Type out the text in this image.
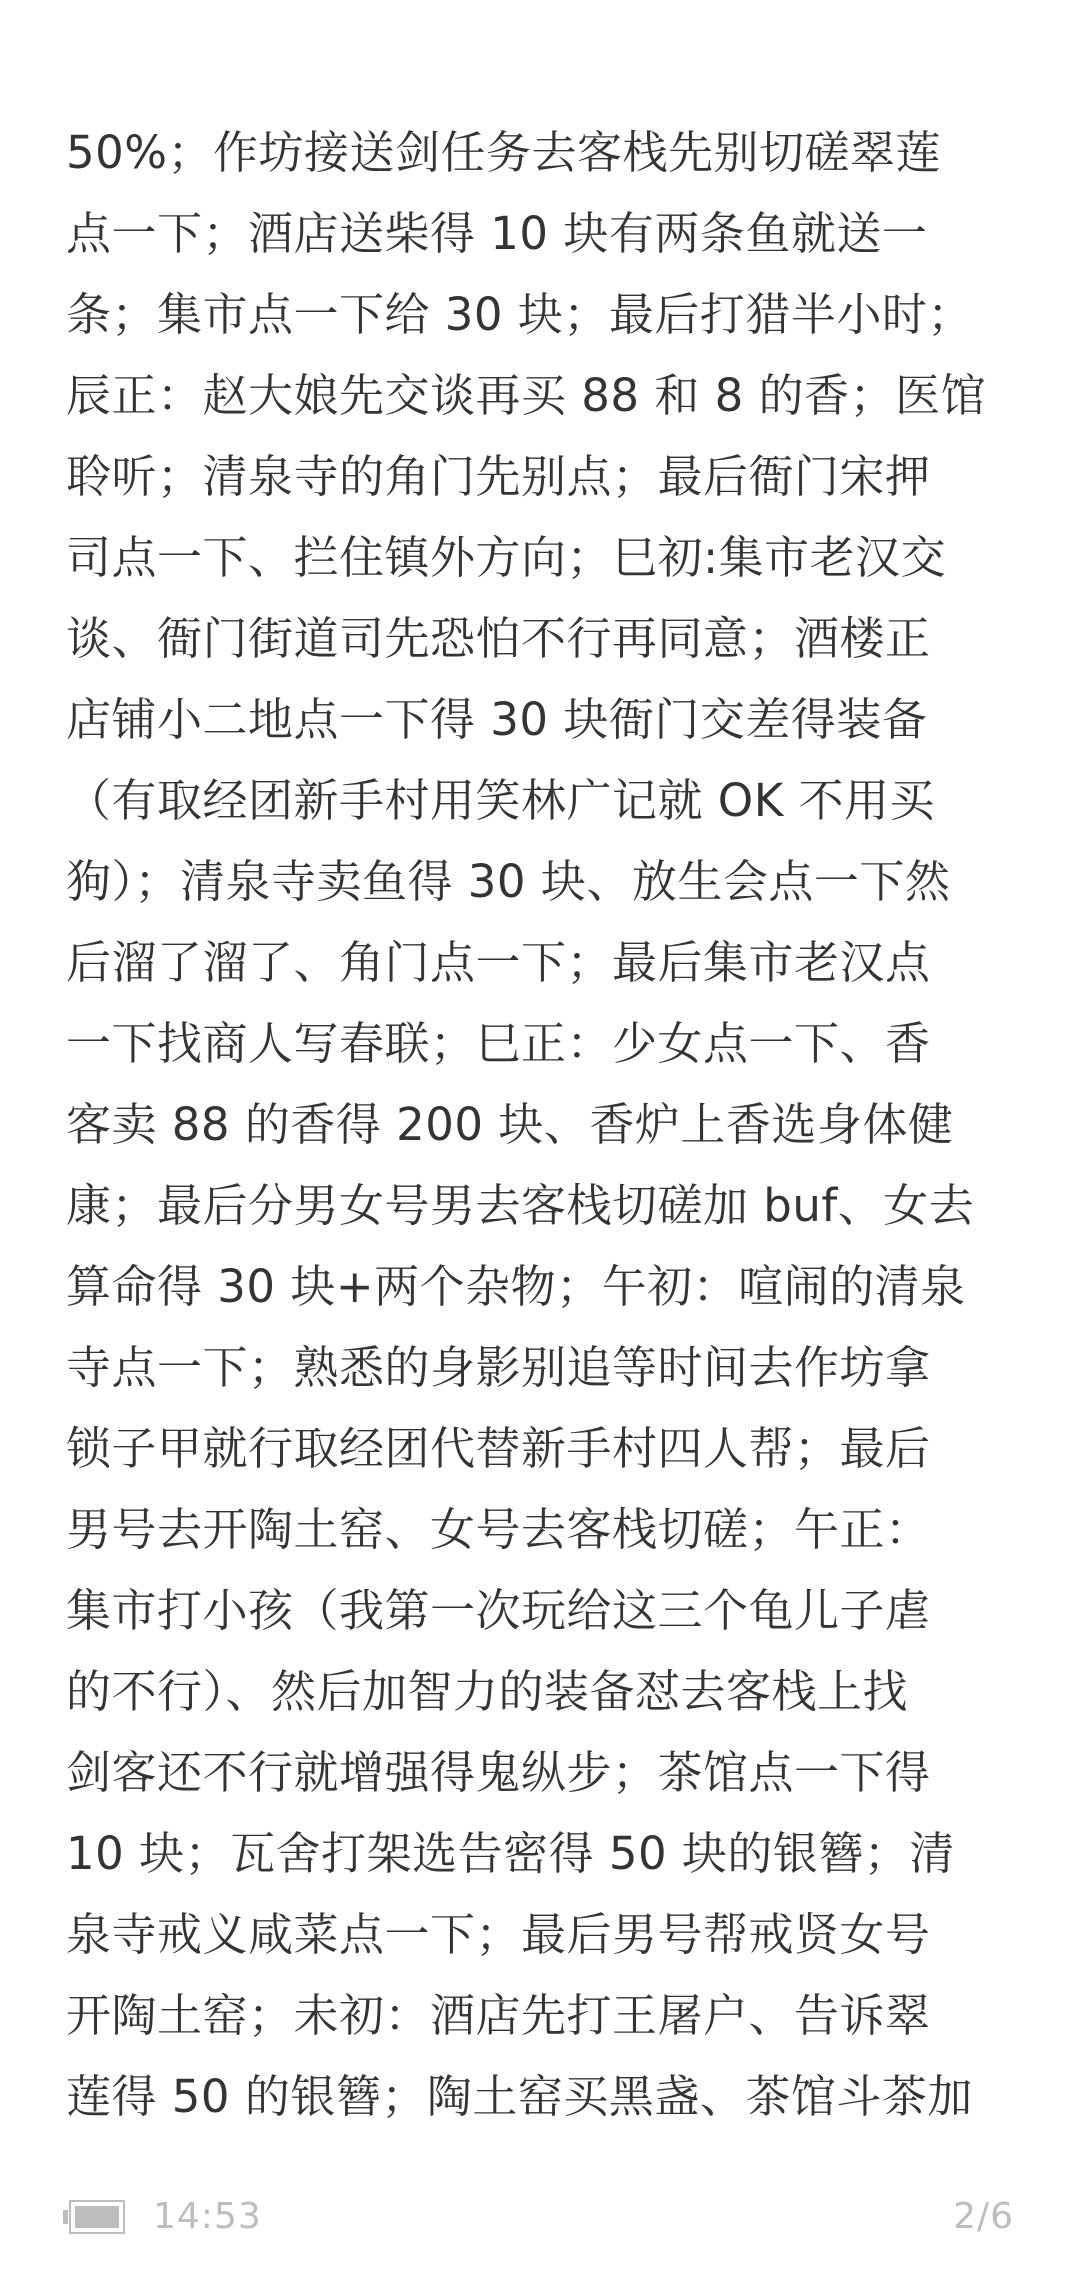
50%；作坊接送剑任务去客栈先别切磋翠莲
点一下；酒店送柴得 10 块有两条鱼就送一
条；集市点一下给 30 块；最后打猎半小时；
辰正：赵大娘先交谈再买 88 和 8 的香；医馆
聆听；清泉寺的角门先别点；最后衙门宋押
司点一下、拦住镇外方向；巳初:集市老汉交
谈、衙门街道司先恐怕不行再同意；酒楼正
店铺小二地点一下得 30 块衙门交差得装备
（有取经团新手村用笑林广记就 OK 不用买
狗）；清泉寺卖鱼得 30 块、放生会点一下然
后溜了溜了、角门点一下；最后集市老汉点
一下找商人写春联；巳正：少女点一下、香
客卖 88 的香得 200 块、香炉上香选身体健
康；最后分男女号男去客栈切磋加 buf、女去
算命得 30 块+两个杂物；午初：喧闹的清泉
寺点一下；熟悉的身影别追等时间去作坊拿
锁子甲就行取经团代替新手村四人帮；最后
男号去开陶土窑、女号去客栈切磋；午正：
集市打小孩（我第一次玩给这三个龟儿子虐
的不行）、然后加智力的装备怼去客栈上找
剑客还不行就增强得鬼纵步；茶馆点一下得
10 块；瓦舍打架选告密得 50 块的银簪；清
泉寺戒义咸菜点一下；最后男号帮戒贤女号
开陶土窑；未初：酒店先打王屠户、告诉翠
莲得 50 的银簪；陶土窑买黑盏、茶馆斗茶加
14:53	2/6
